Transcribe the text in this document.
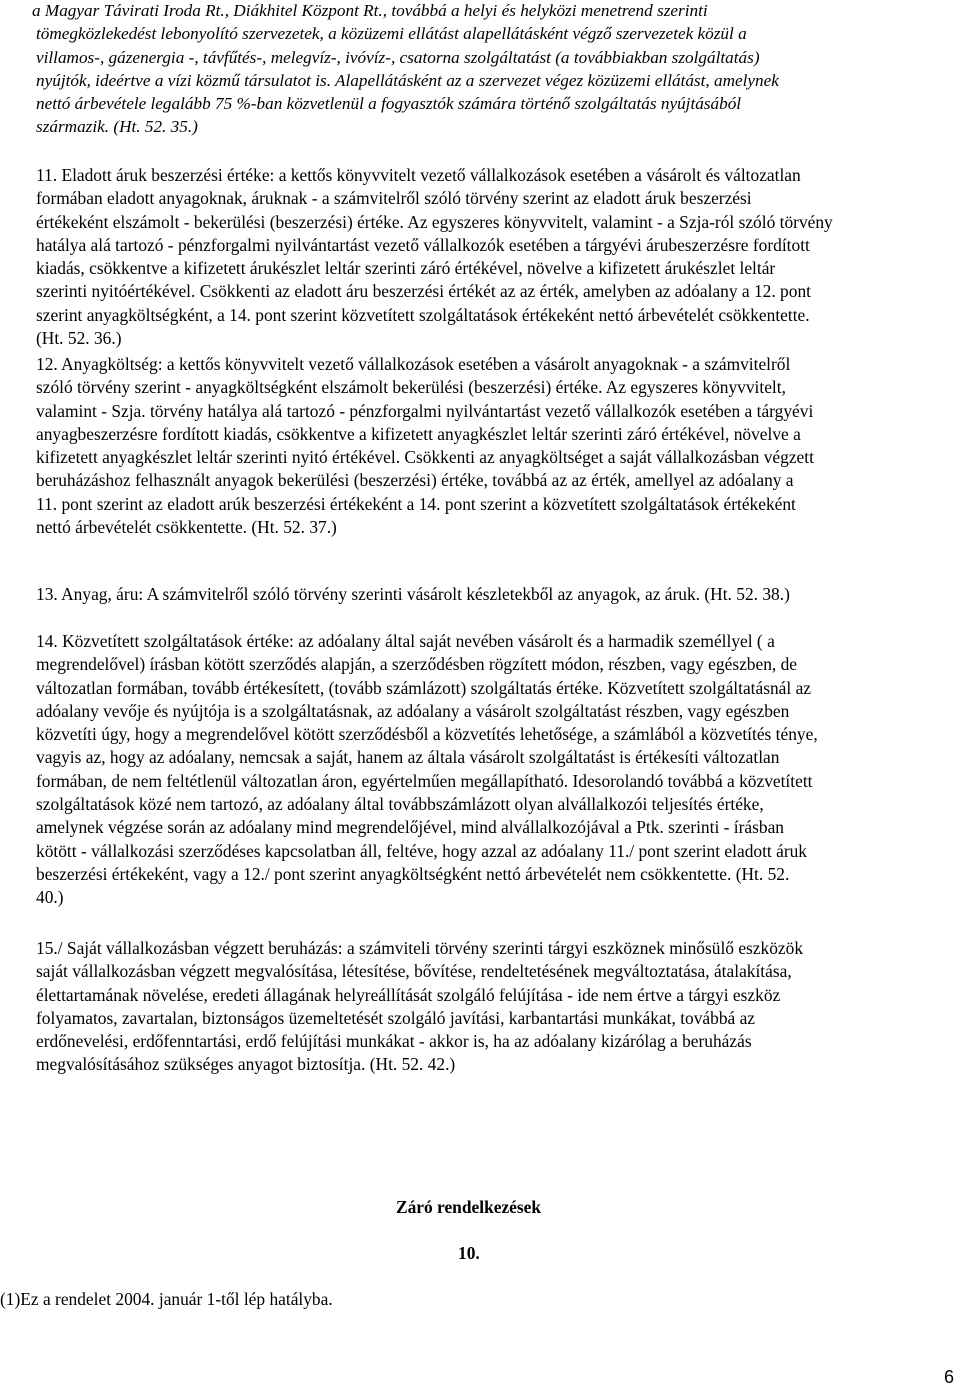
a Magyar Távirati Iroda Rt., Diákhitel Központ Rt., továbbá a helyi és helyközi menetrend szerinti
tömegközlekedést lebonyolító szervezetek, a közüzemi ellátást alapellátásként végző szervezetek közül a
villamos-, gázenergia -, távfűtés-, melegvíz-, ivóvíz-, csatorna szolgáltatást (a továbbiakban szolgáltatás)
nyújtók, ideértve a vízi közmű társulatot is. Alapellátásként az a szervezet végez közüzemi ellátást, amelynek
nettó árbevétele legalább 75 %-ban közvetlenül a fogyasztók számára történő szolgáltatás nyújtásából
származik. (Ht. 52. 35.)
11. Eladott áruk beszerzési értéke: a kettős könyvvitelt vezető vállalkozások esetében a vásárolt és változatlan
formában eladott anyagoknak, áruknak - a számvitelről szóló törvény szerint az eladott áruk beszerzési
értékeként elszámolt - bekerülési (beszerzési) értéke. Az egyszeres könyvvitelt, valamint - a Szja-ról szóló törvény
hatálya alá tartozó - pénzforgalmi nyilvántartást vezető vállalkozók esetében a tárgyévi árubeszerzésre fordított
kiadás, csökkentve a kifizetett árukészlet leltár szerinti záró értékével, növelve a kifizetett árukészlet leltár
szerinti nyitóértékével. Csökkenti az eladott áru beszerzési értékét az az érték, amelyben az adóalany a 12. pont
szerint anyagköltségként, a 14. pont szerint közvetített szolgáltatások értékeként nettó árbevételét csökkentette.
(Ht. 52. 36.)
12. Anyagköltség: a kettős könyvvitelt vezető vállalkozások esetében a vásárolt anyagoknak - a számvitelről
szóló törvény szerint - anyagköltségként elszámolt bekerülési (beszerzési) értéke. Az egyszeres könyvvitelt,
valamint - Szja. törvény hatálya alá tartozó - pénzforgalmi nyilvántartást vezető vállalkozók esetében a tárgyévi
anyagbeszerzésre fordított kiadás, csökkentve a kifizetett anyagkészlet leltár szerinti záró értékével, növelve a
kifizetett anyagkészlet leltár szerinti nyitó értékével. Csökkenti az anyagköltséget a saját vállalkozásban végzett
beruházáshoz felhasznált anyagok bekerülési (beszerzési) értéke, továbbá az az érték, amellyel az adóalany a
11. pont szerint az eladott arúk beszerzési értékeként a 14. pont szerint a közvetített szolgáltatások értékeként
nettó árbevételét csökkentette. (Ht. 52. 37.)
13. Anyag, áru: A számvitelről szóló törvény szerinti vásárolt készletekből az anyagok, az áruk. (Ht. 52. 38.)
14. Közvetített szolgáltatások értéke: az adóalany által saját nevében vásárolt és a harmadik személlyel ( a
megrendelővel) írásban kötött szerződés alapján, a szerződésben rögzített módon, részben, vagy egészben, de
változatlan formában, tovább értékesített, (tovább számlázott) szolgáltatás értéke. Közvetített szolgáltatásnál az
adóalany vevője és nyújtója is a szolgáltatásnak, az adóalany a vásárolt szolgáltatást részben, vagy egészben
közvetíti úgy, hogy a megrendelővel kötött szerződésből a közvetítés lehetősége, a számlából a közvetítés ténye,
vagyis az, hogy az adóalany, nemcsak a saját, hanem az általa vásárolt szolgáltatást is értékesíti változatlan
formában, de nem feltétlenül változatlan áron, egyértelműen megállapítható. Idesorolandó továbbá a közvetített
szolgáltatások közé nem tartozó, az adóalany által továbbszámlázott olyan alvállalkozói teljesítés értéke,
amelynek végzése során az adóalany mind megrendelőjével, mind alvállalkozójával a Ptk. szerinti - írásban
kötött - vállalkozási szerződéses kapcsolatban áll, feltéve, hogy azzal az adóalany 11./ pont szerint eladott áruk
beszerzési értékeként, vagy a 12./ pont szerint anyagköltségként nettó árbevételét nem csökkentette. (Ht. 52.
40.)
15./ Saját vállalkozásban végzett beruházás: a számviteli törvény szerinti tárgyi eszköznek minősülő eszközök
saját vállalkozásban végzett megvalósítása, létesítése, bővítése, rendeltetésének megváltoztatása, átalakítása,
élettartamának növelése, eredeti állagának helyreállítását szolgáló felújítása - ide nem értve a tárgyi eszköz
folyamatos, zavartalan, biztonságos üzemeltetését szolgáló javítási, karbantartási munkákat, továbbá az
erdőnevelési, erdőfenntartási, erdő felújítási munkákat - akkor is, ha az adóalany kizárólag a beruházás
megvalósításához szükséges anyagot biztosítja. (Ht. 52. 42.)
Záró rendelkezések
10.
(1)Ez a rendelet 2004. január 1-től lép hatályba.
6
